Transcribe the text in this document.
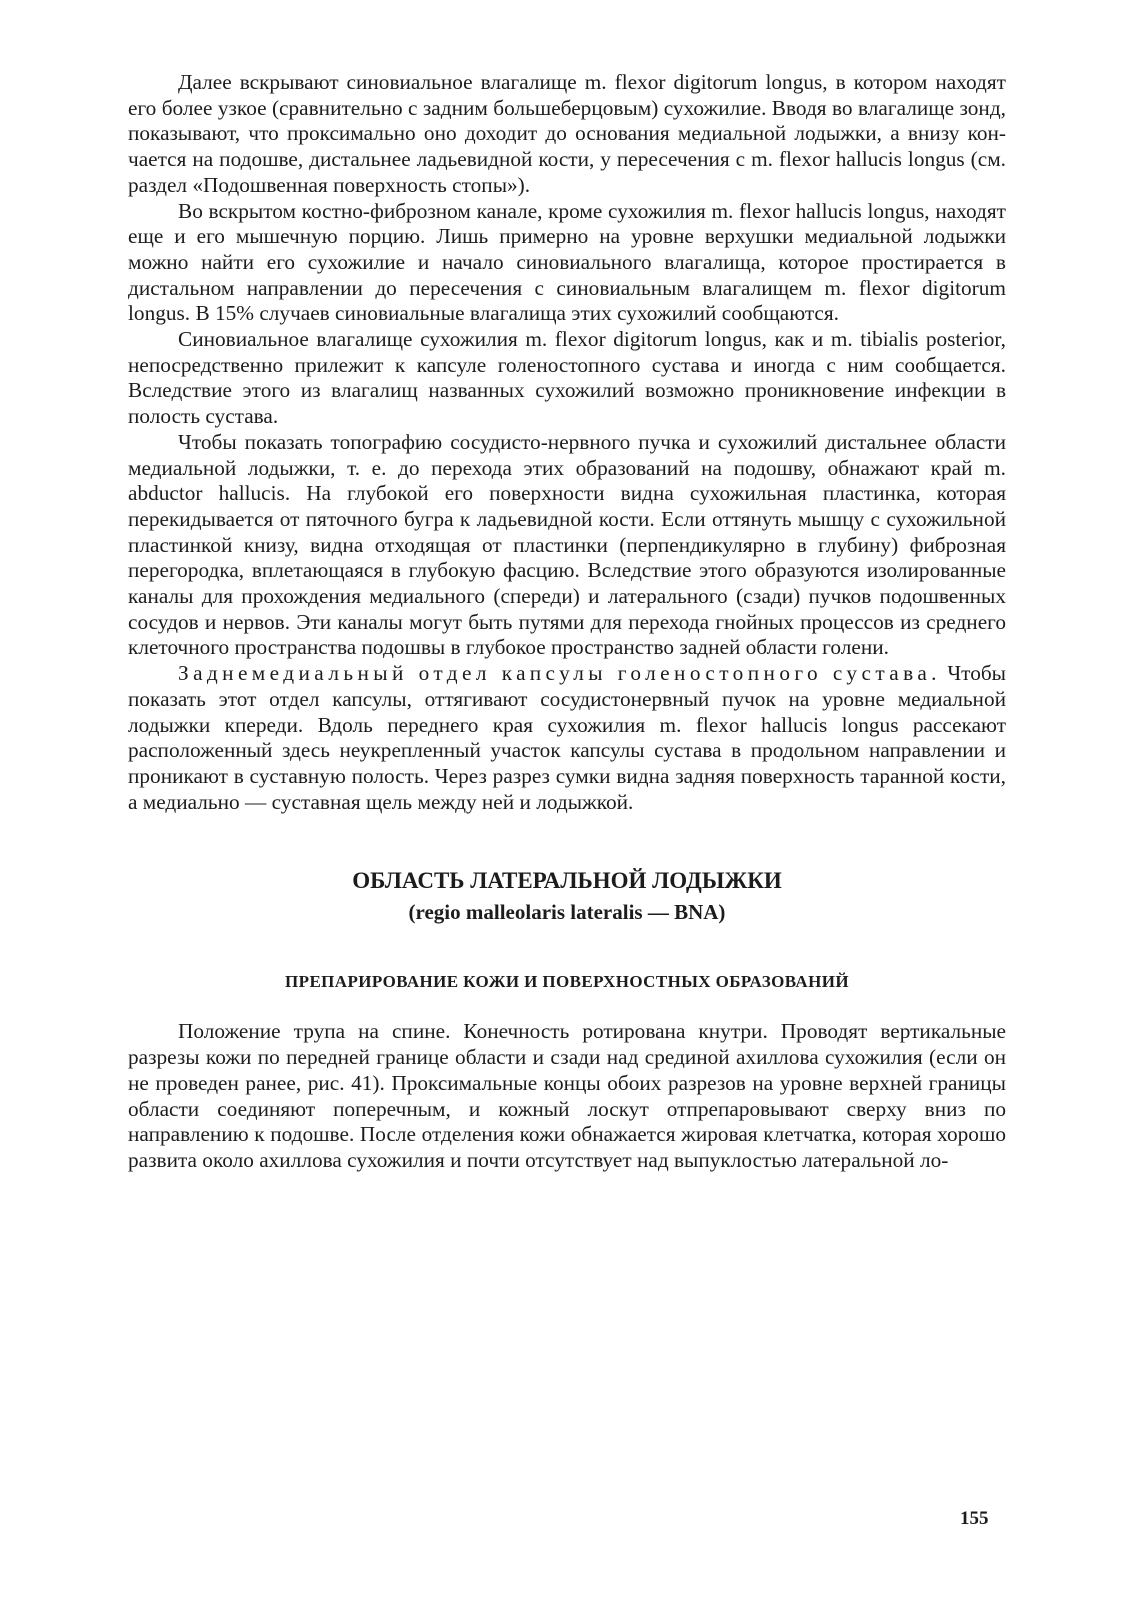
Далее вскрывают синовиальное влагалище m. flexor digitorum longus, в котором находят его более узкое (сравнительно с задним большеберцовым) сухожилие. Вводя во влагалище зонд, показывают, что проксимально оно доходит до основания медиальной лодыжки, а внизу кончается на подошве, дистальнее ладьевидной кости, у пересечения с m. flexor hallucis longus (см. раздел «Подошвенная поверхность стопы»).

Во вскрытом костно-фиброзном канале, кроме сухожилия m. flexor hallucis longus, находят еще и его мышечную порцию. Лишь примерно на уровне верхушки медиальной лодыжки можно найти его сухожилие и начало синовиального влагалища, которое простирается в дистальном направлении до пересечения с синовиальным влагалищем m. flexor digitorum longus. В 15% случаев синовиальные влагалища этих сухожилий сообщаются.

Синовиальное влагалище сухожилия m. flexor digitorum longus, как и m. tibialis posterior, непосредственно прилежит к капсуле голеностопного сустава и иногда с ним сообщается. Вследствие этого из влагалищ названных сухожилий возможно проникновение инфекции в полость сустава.

Чтобы показать топографию сосудисто-нервного пучка и сухожилий дистальнее области медиальной лодыжки, т. е. до перехода этих образований на подошву, обнажают край m. abductor hallucis. На глубокой его поверхности видна сухожильная пластинка, которая перекидывается от пяточного бугра к ладьевидной кости. Если оттянуть мышцу с сухожильной пластинкой книзу, видна отходящая от пластинки (перпендикулярно в глубину) фиброзная перегородка, вплетающаяся в глубокую фасцию. Вследствие этого образуются изолированные каналы для прохождения медиального (спереди) и латерального (сзади) пучков подошвенных сосудов и нервов. Эти каналы могут быть путями для перехода гнойных процессов из среднего клеточного пространства подошвы в глубокое пространство задней области голени.

Заднемедиальный отдел капсулы голеностопного сустава. Чтобы показать этот отдел капсулы, оттягивают сосудистонервный пучок на уровне медиальной лодыжки кпереди. Вдоль переднего края сухожилия m. flexor hallucis longus рассекают расположенный здесь неукрепленный участок капсулы сустава в продольном направлении и проникают в суставную полость. Через разрез сумки видна задняя поверхность таранной кости, а медиально — суставная щель между ней и лодыжкой.

ОБЛАСТЬ ЛАТЕРАЛЬНОЙ ЛОДЫЖКИ
(regio malleolaris lateralis — BNA)
ПРЕПАРИРОВАНИЕ КОЖИ И ПОВЕРХНОСТНЫХ ОБРАЗОВАНИЙ

Положение трупа на спине. Конечность ротирована кнутри. Проводят вертикальные разрезы кожи по передней границе области и сзади над срединой ахиллова сухожилия (если он не проведен ранее, рис. 41). Проксимальные концы обоих разрезов на уровне верхней границы области соединяют поперечным, и кожный лоскут отпрепаровывают сверху вниз по направлению к подошве. После отделения кожи обнажается жировая клетчатка, которая хорошо развита около ахиллова сухожилия и почти отсутствует над выпуклостью латеральной ло-

155
